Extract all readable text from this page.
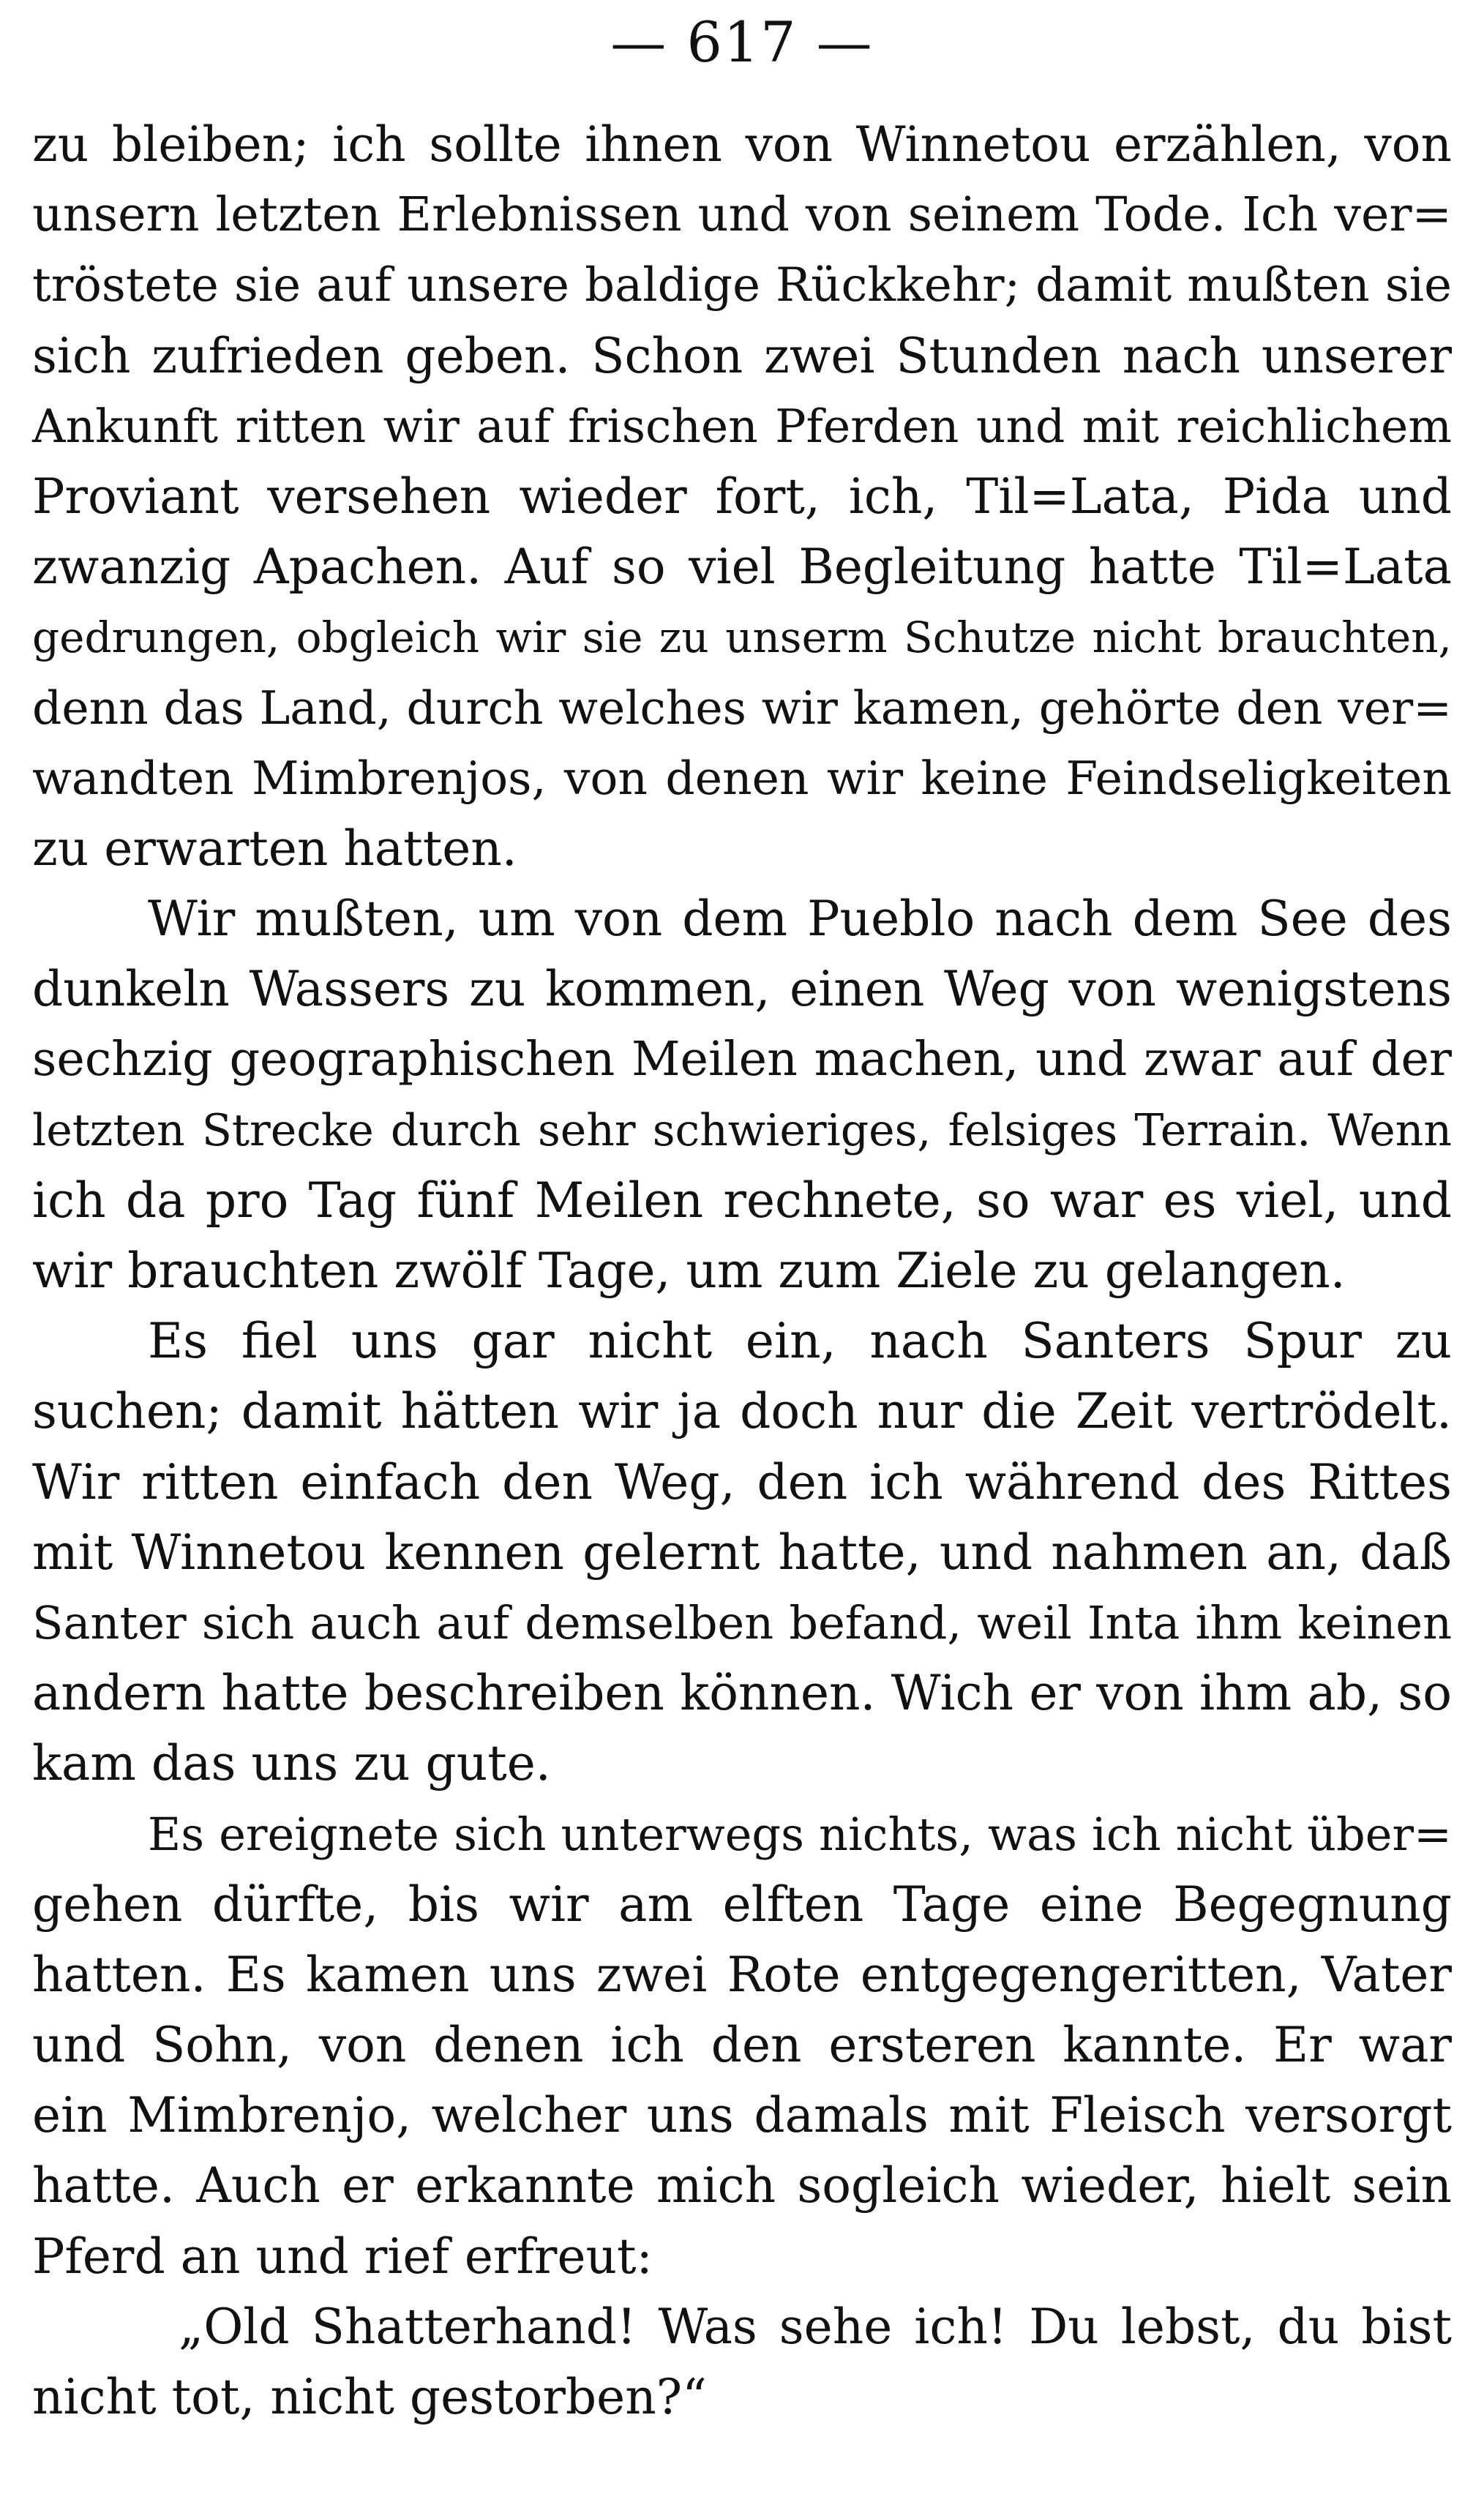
— 617 —
zu bleiben; ich sollte ihnen von Winnetou erzählen, von
unsern letzten Erlebnissen und von seinem Tode. Ich ver=
tröstete sie auf unsere baldige Rückkehr; damit mußten sie
sich zufrieden geben. Schon zwei Stunden nach unserer
Ankunft ritten wir auf frischen Pferden und mit reichlichem
Proviant versehen wieder fort, ich, Til=Lata, Pida und
zwanzig Apachen. Auf so viel Begleitung hatte Til=Lata
gedrungen, obgleich wir sie zu unserm Schutze nicht brauchten,
denn das Land, durch welches wir kamen, gehörte den ver=
wandten Mimbrenjos, von denen wir keine Feindseligkeiten
zu erwarten hatten.
Wir mußten, um von dem Pueblo nach dem See des
dunkeln Wassers zu kommen, einen Weg von wenigstens
sechzig geographischen Meilen machen, und zwar auf der
letzten Strecke durch sehr schwieriges, felsiges Terrain. Wenn
ich da pro Tag fünf Meilen rechnete, so war es viel, und
wir brauchten zwölf Tage, um zum Ziele zu gelangen.
Es fiel uns gar nicht ein, nach Santers Spur zu
suchen; damit hätten wir ja doch nur die Zeit vertrödelt.
Wir ritten einfach den Weg, den ich während des Rittes
mit Winnetou kennen gelernt hatte, und nahmen an, daß
Santer sich auch auf demselben befand, weil Inta ihm keinen
andern hatte beschreiben können. Wich er von ihm ab, so
kam das uns zu gute.
Es ereignete sich unterwegs nichts, was ich nicht über=
gehen dürfte, bis wir am elften Tage eine Begegnung
hatten. Es kamen uns zwei Rote entgegengeritten, Vater
und Sohn, von denen ich den ersteren kannte. Er war
ein Mimbrenjo, welcher uns damals mit Fleisch versorgt
hatte. Auch er erkannte mich sogleich wieder, hielt sein
Pferd an und rief erfreut:
„Old Shatterhand! Was sehe ich! Du lebst, du bist
nicht tot, nicht gestorben?“
